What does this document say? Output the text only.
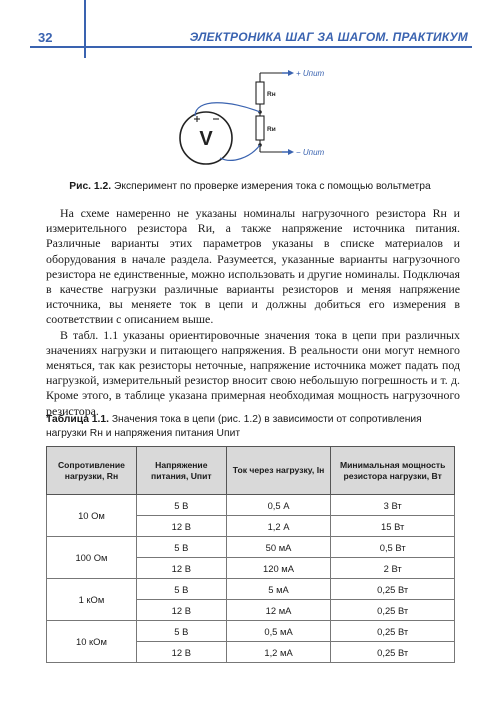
32	ЭЛЕКТРОНИКА ШАГ ЗА ШАГОМ. ПРАКТИКУМ
+ Uпит
− Uпит
Rн
Rи
V
Рис. 1.2. Эксперимент по проверке измерения тока с помощью вольтметра

На схеме намеренно не указаны номиналы нагрузочного резистора Rн и измерительного резистора Rи, а также напряжение источника питания. Различные варианты этих параметров указаны в списке материалов и оборудования в начале раздела. Разумеется, указанные варианты нагрузочного резистора не единственные, можно использовать и другие номиналы. Подключая в качестве нагрузки различные варианты резисторов и меняя напряжение источника, вы меняете ток в цепи и должны добиться его измерения в соответствии с описанием выше.

В табл. 1.1 указаны ориентировочные значения тока в цепи при различных значениях нагрузки и питающего напряжения. В реальности они могут немного меняться, так как резисторы неточные, напряжение источника может падать под нагрузкой, измерительный резистор вносит свою небольшую погрешность и т. д. Кроме этого, в таблице указана примерная необходимая мощность нагрузочного резистора.

Таблица 1.1. Значения тока в цепи (рис. 1.2) в зависимости от сопротивления нагрузки Rн и напряжения питания Uпит
Сопротивление нагрузки, Rн	Напряжение питания, Uпит	Ток через нагрузку, Iн	Минимальная мощность резистора нагрузки, Вт
10 Ом	5 В	0,5 А	3 Вт
	12 В	1,2 А	15 Вт
100 Ом	5 В	50 мА	0,5 Вт
	12 В	120 мА	2 Вт
1 кОм	5 В	5 мА	0,25 Вт
	12 В	12 мА	0,25 Вт
10 кОм	5 В	0,5 мА	0,25 Вт
	12 В	1,2 мА	0,25 Вт
